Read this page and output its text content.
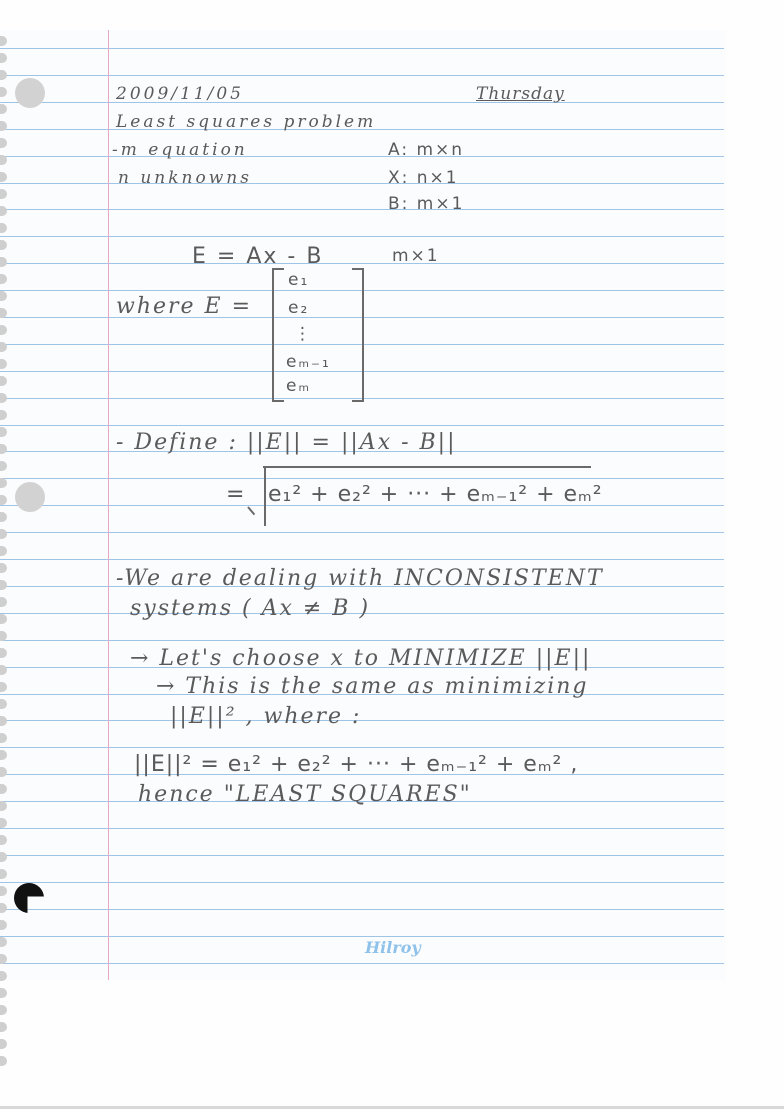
2009/11/05	Thursday
Least squares problem
-m equation
n unknowns
A: m×n
X: n×1
B: m×1
E = Ax - B	m×1
where E =
e₁
e₂
⋮
eₘ₋₁
eₘ
- Define : ||E|| = ||Ax - B||
= e₁² + e₂² + ··· + eₘ₋₁² + eₘ²
-We are dealing with INCONSISTENT
systems ( Ax ≠ B )
→ Let's choose x to MINIMIZE ||E||
→ This is the same as minimizing
||E||² , where :
||E||² = e₁² + e₂² + ··· + eₘ₋₁² + eₘ² ,
hence "LEAST SQUARES"
Hilroy
